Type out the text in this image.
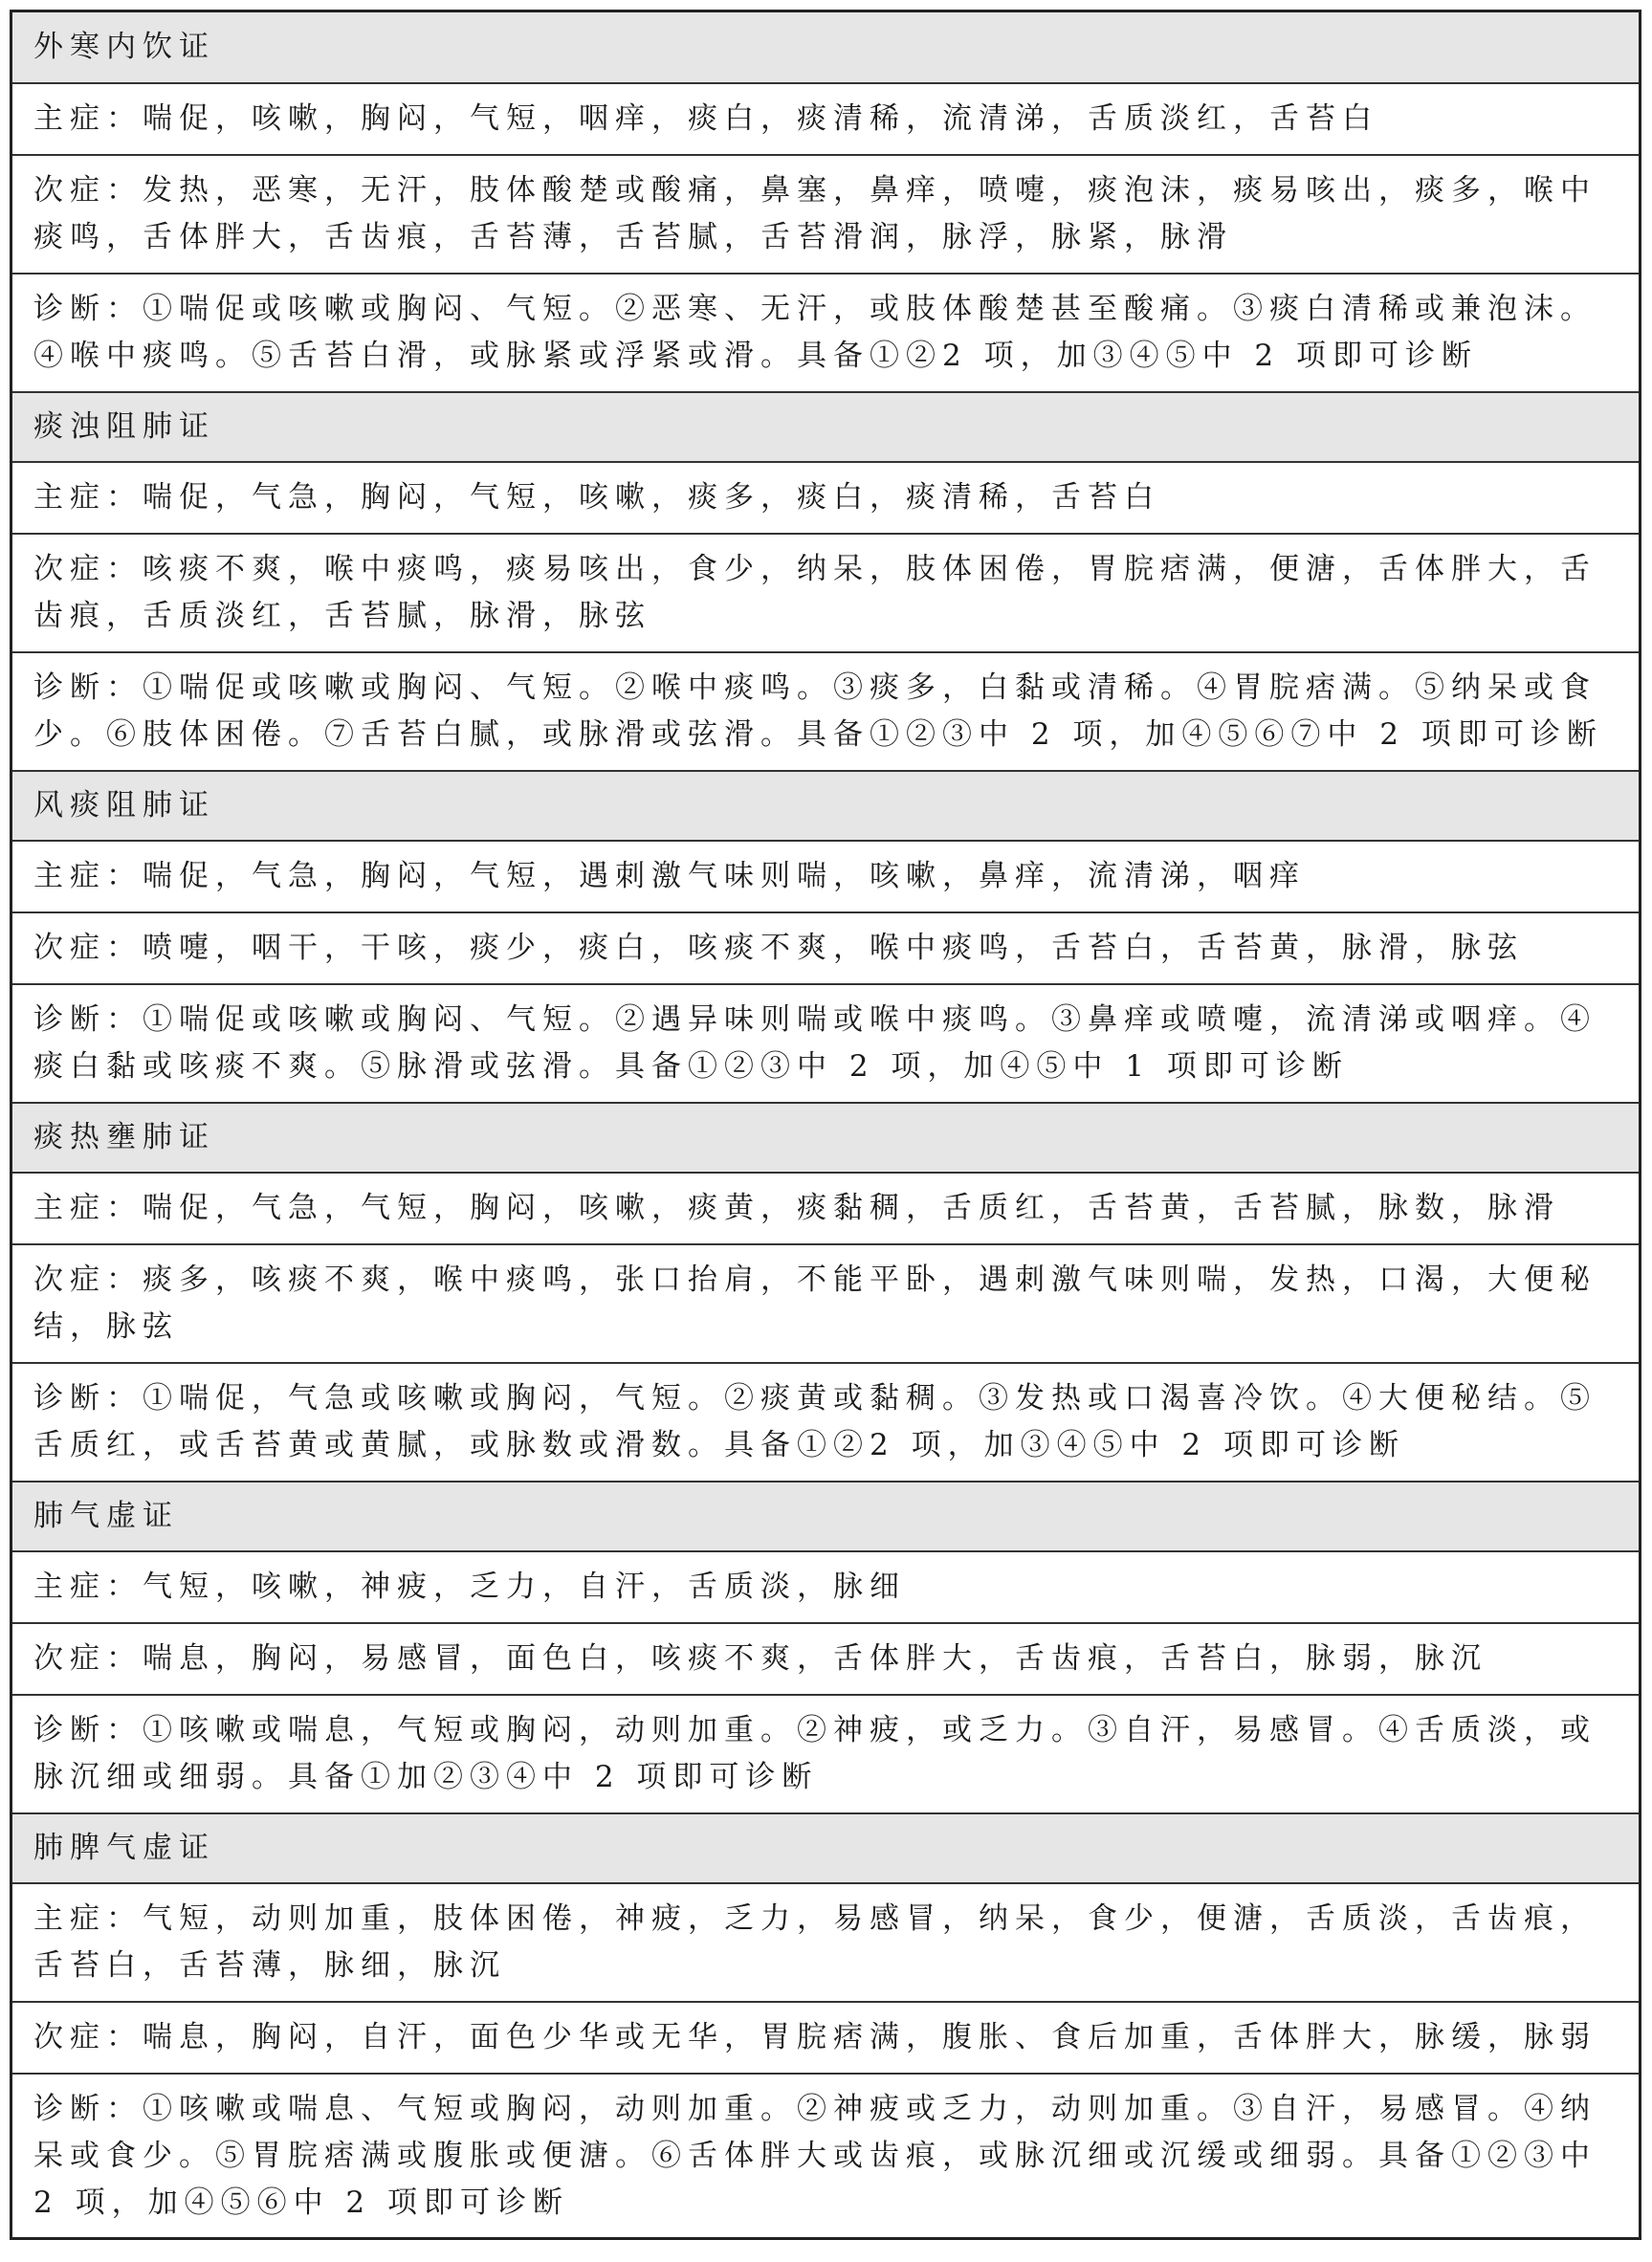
外寒内饮证
主症：喘促，咳嗽，胸闷，气短，咽痒，痰白，痰清稀，流清涕，舌质淡红，舌苔白
次症：发热，恶寒，无汗，肢体酸楚或酸痛，鼻塞，鼻痒，喷嚏，痰泡沫，痰易咳出，痰多，喉中痰鸣，舌体胖大，舌齿痕，舌苔薄，舌苔腻，舌苔滑润，脉浮，脉紧，脉滑
诊断：①喘促或咳嗽或胸闷、气短。②恶寒、无汗，或肢体酸楚甚至酸痛。③痰白清稀或兼泡沫。④喉中痰鸣。⑤舌苔白滑，或脉紧或浮紧或滑。具备①②2 项，加③④⑤中 2 项即可诊断
痰浊阻肺证
主症：喘促，气急，胸闷，气短，咳嗽，痰多，痰白，痰清稀，舌苔白
次症：咳痰不爽，喉中痰鸣，痰易咳出，食少，纳呆，肢体困倦，胃脘痞满，便溏，舌体胖大，舌齿痕，舌质淡红，舌苔腻，脉滑，脉弦
诊断：①喘促或咳嗽或胸闷、气短。②喉中痰鸣。③痰多，白黏或清稀。④胃脘痞满。⑤纳呆或食少。⑥肢体困倦。⑦舌苔白腻，或脉滑或弦滑。具备①②③中 2 项，加④⑤⑥⑦中 2 项即可诊断
风痰阻肺证
主症：喘促，气急，胸闷，气短，遇刺激气味则喘，咳嗽，鼻痒，流清涕，咽痒
次症：喷嚏，咽干，干咳，痰少，痰白，咳痰不爽，喉中痰鸣，舌苔白，舌苔黄，脉滑，脉弦
诊断：①喘促或咳嗽或胸闷、气短。②遇异味则喘或喉中痰鸣。③鼻痒或喷嚏，流清涕或咽痒。④痰白黏或咳痰不爽。⑤脉滑或弦滑。具备①②③中 2 项，加④⑤中 1 项即可诊断
痰热壅肺证
主症：喘促，气急，气短，胸闷，咳嗽，痰黄，痰黏稠，舌质红，舌苔黄，舌苔腻，脉数，脉滑
次症：痰多，咳痰不爽，喉中痰鸣，张口抬肩，不能平卧，遇刺激气味则喘，发热，口渴，大便秘结，脉弦
诊断：①喘促，气急或咳嗽或胸闷，气短。②痰黄或黏稠。③发热或口渴喜冷饮。④大便秘结。⑤舌质红，或舌苔黄或黄腻，或脉数或滑数。具备①②2 项，加③④⑤中 2 项即可诊断
肺气虚证
主症：气短，咳嗽，神疲，乏力，自汗，舌质淡，脉细
次症：喘息，胸闷，易感冒，面色白，咳痰不爽，舌体胖大，舌齿痕，舌苔白，脉弱，脉沉
诊断：①咳嗽或喘息，气短或胸闷，动则加重。②神疲，或乏力。③自汗，易感冒。④舌质淡，或脉沉细或细弱。具备①加②③④中 2 项即可诊断
肺脾气虚证
主症：气短，动则加重，肢体困倦，神疲，乏力，易感冒，纳呆，食少，便溏，舌质淡，舌齿痕，舌苔白，舌苔薄，脉细，脉沉
次症：喘息，胸闷，自汗，面色少华或无华，胃脘痞满，腹胀、食后加重，舌体胖大，脉缓，脉弱
诊断：①咳嗽或喘息、气短或胸闷，动则加重。②神疲或乏力，动则加重。③自汗，易感冒。④纳呆或食少。⑤胃脘痞满或腹胀或便溏。⑥舌体胖大或齿痕，或脉沉细或沉缓或细弱。具备①②③中 2 项，加④⑤⑥中 2 项即可诊断
